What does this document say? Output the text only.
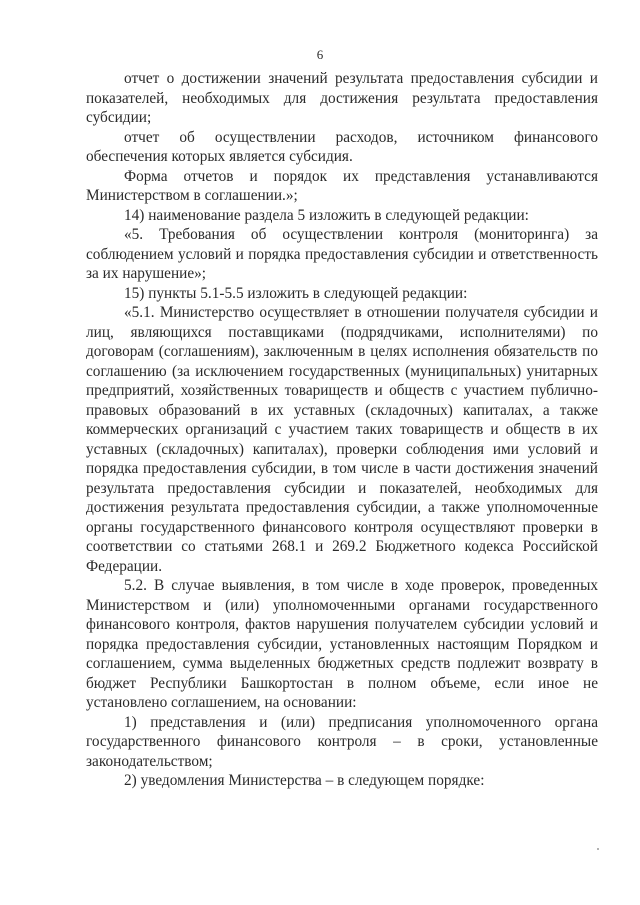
6

отчет о достижении значений результата предоставления субсидии и показателей, необходимых для достижения результата предоставления субсидии;

отчет об осуществлении расходов, источником финансового обеспечения которых является субсидия.

Форма отчетов и порядок их представления устанавливаются Министерством в соглашении.»;

14) наименование раздела 5 изложить в следующей редакции:

«5. Требования об осуществлении контроля (мониторинга) за соблюдением условий и порядка предоставления субсидии и ответственность за их нарушение»;

15) пункты 5.1-5.5 изложить в следующей редакции:

«5.1. Министерство осуществляет в отношении получателя субсидии и лиц, являющихся поставщиками (подрядчиками, исполнителями) по договорам (соглашениям), заключенным в целях исполнения обязательств по соглашению (за исключением государственных (муниципальных) унитарных предприятий, хозяйственных товариществ и обществ с участием публично-правовых образований в их уставных (складочных) капиталах, а также коммерческих организаций с участием таких товариществ и обществ в их уставных (складочных) капиталах), проверки соблюдения ими условий и порядка предоставления субсидии, в том числе в части достижения значений результата предоставления субсидии и показателей, необходимых для достижения результата предоставления субсидии, а также уполномоченные органы государственного финансового контроля осуществляют проверки в соответствии со статьями 268.1 и 269.2 Бюджетного кодекса Российской Федерации.

5.2. В случае выявления, в том числе в ходе проверок, проведенных Министерством и (или) уполномоченными органами государственного финансового контроля, фактов нарушения получателем субсидии условий и порядка предоставления субсидии, установленных настоящим Порядком и соглашением, сумма выделенных бюджетных средств подлежит возврату в бюджет Республики Башкортостан в полном объеме, если иное не установлено соглашением, на основании:

1) представления и (или) предписания уполномоченного органа государственного финансового контроля – в сроки, установленные законодательством;

2) уведомления Министерства – в следующем порядке:
